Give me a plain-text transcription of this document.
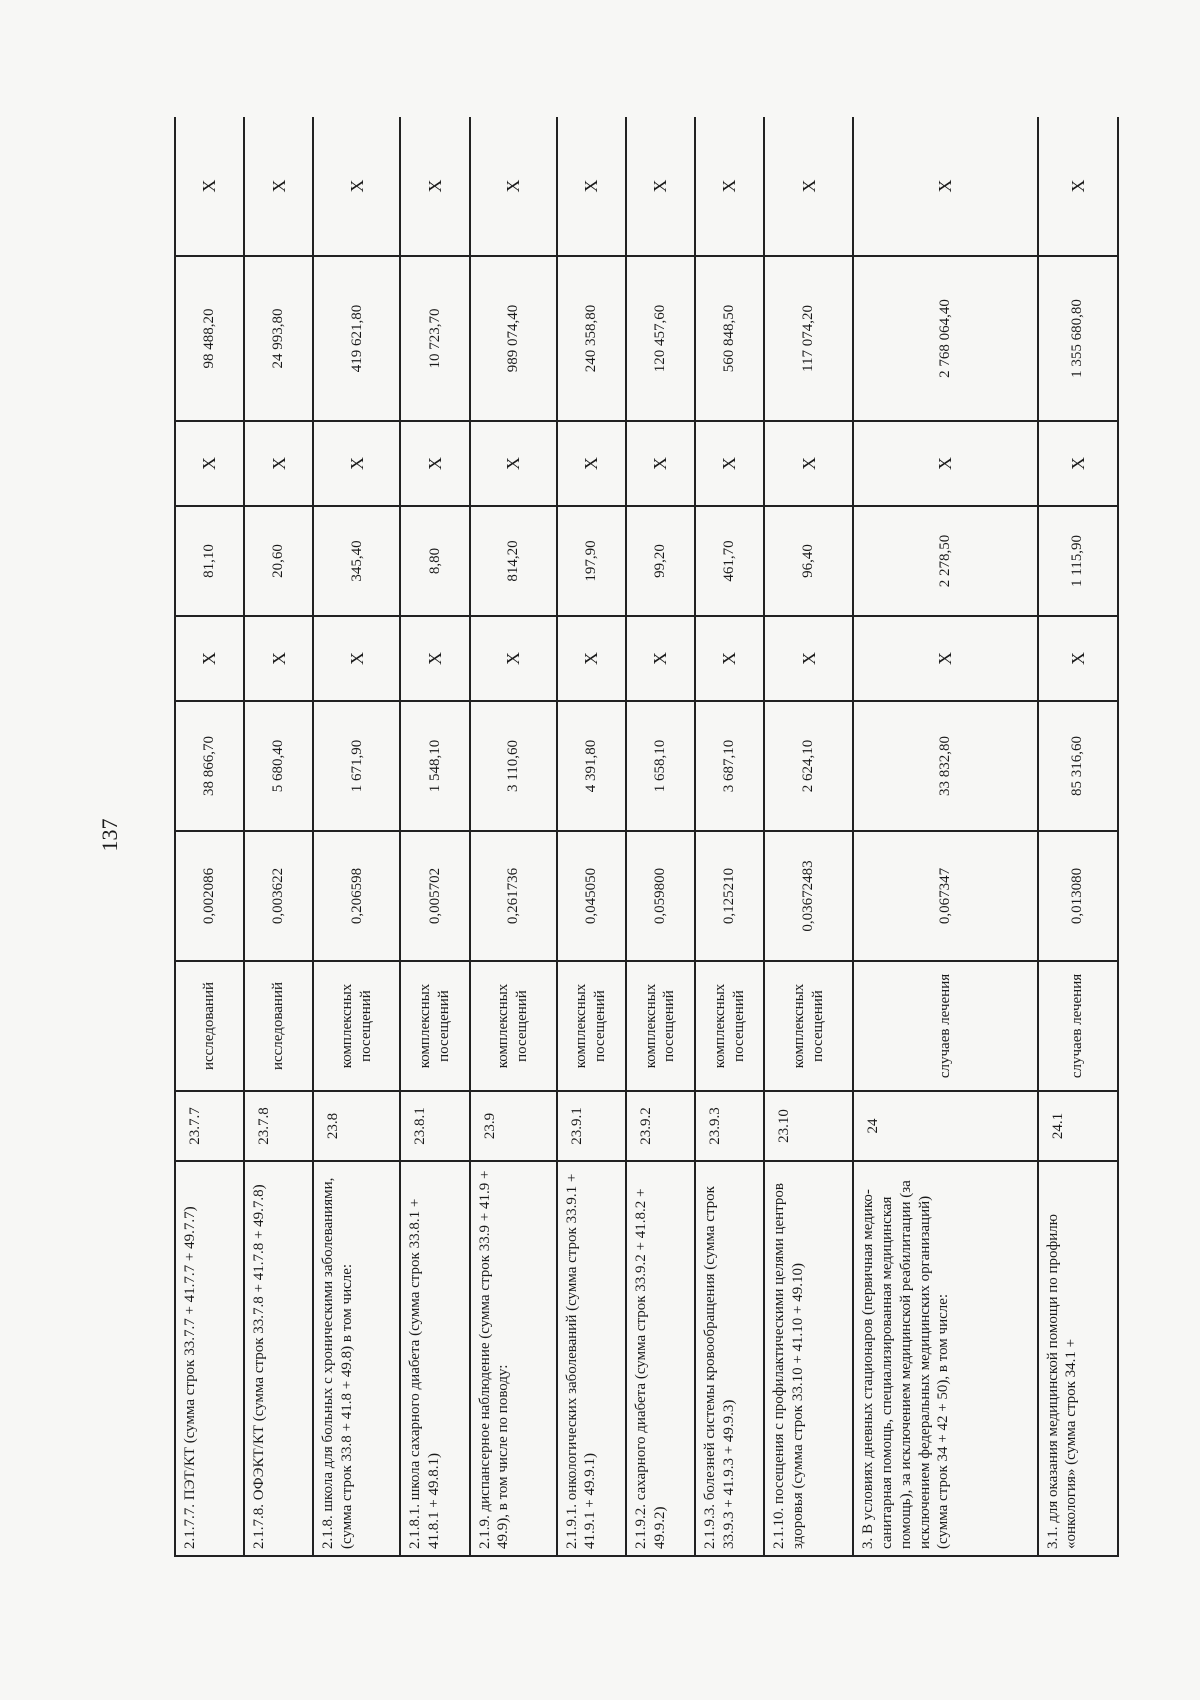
137
2.1.7.7. ПЭТ/КТ (сумма строк 33.7.7 + 41.7.7 + 49.7.7)	23.7.7	исследований	0,002086	38 866,70	Х	81,10	Х	98 488,20	Х
2.1.7.8. ОФЭКТ/КТ (сумма строк 33.7.8 + 41.7.8 + 49.7.8)	23.7.8	исследований	0,003622	5 680,40	Х	20,60	Х	24 993,80	Х
2.1.8. школа для больных с хроническими заболеваниями, (сумма строк 33.8 + 41.8 + 49.8) в том числе:	23.8	комплексных посещений	0,206598	1 671,90	Х	345,40	Х	419 621,80	Х
2.1.8.1. школа сахарного диабета (сумма строк 33.8.1 + 41.8.1 + 49.8.1)	23.8.1	комплексных посещений	0,005702	1 548,10	Х	8,80	Х	10 723,70	Х
2.1.9. диспансерное наблюдение (сумма строк 33.9 + 41.9 + 49.9), в том числе по поводу:	23.9	комплексных посещений	0,261736	3 110,60	Х	814,20	Х	989 074,40	Х
2.1.9.1. онкологических заболеваний (сумма строк 33.9.1 + 41.9.1 + 49.9.1)	23.9.1	комплексных посещений	0,045050	4 391,80	Х	197,90	Х	240 358,80	Х
2.1.9.2. сахарного диабета (сумма строк 33.9.2 + 41.8.2 + 49.9.2)	23.9.2	комплексных посещений	0,059800	1 658,10	Х	99,20	Х	120 457,60	Х
2.1.9.3. болезней системы кровообращения (сумма строк 33.9.3 + 41.9.3 + 49.9.3)	23.9.3	комплексных посещений	0,125210	3 687,10	Х	461,70	Х	560 848,50	Х
2.1.10. посещения с профилактическими целями центров здоровья (сумма строк 33.10 + 41.10 + 49.10)	23.10	комплексных посещений	0,03672483	2 624,10	Х	96,40	Х	117 074,20	Х
3. В условиях дневных стационаров (первичная медико-санитарная помощь, специализированная медицинская помощь), за исключением медицинской реабилитации (за исключением федеральных медицинских организаций) (сумма строк 34 + 42 + 50), в том числе:	24	случаев лечения	0,067347	33 832,80	Х	2 278,50	Х	2 768 064,40	Х
3.1. для оказания медицинской помощи по профилю «онкология» (сумма строк 34.1 +	24.1	случаев лечения	0,013080	85 316,60	Х	1 115,90	Х	1 355 680,80	Х
